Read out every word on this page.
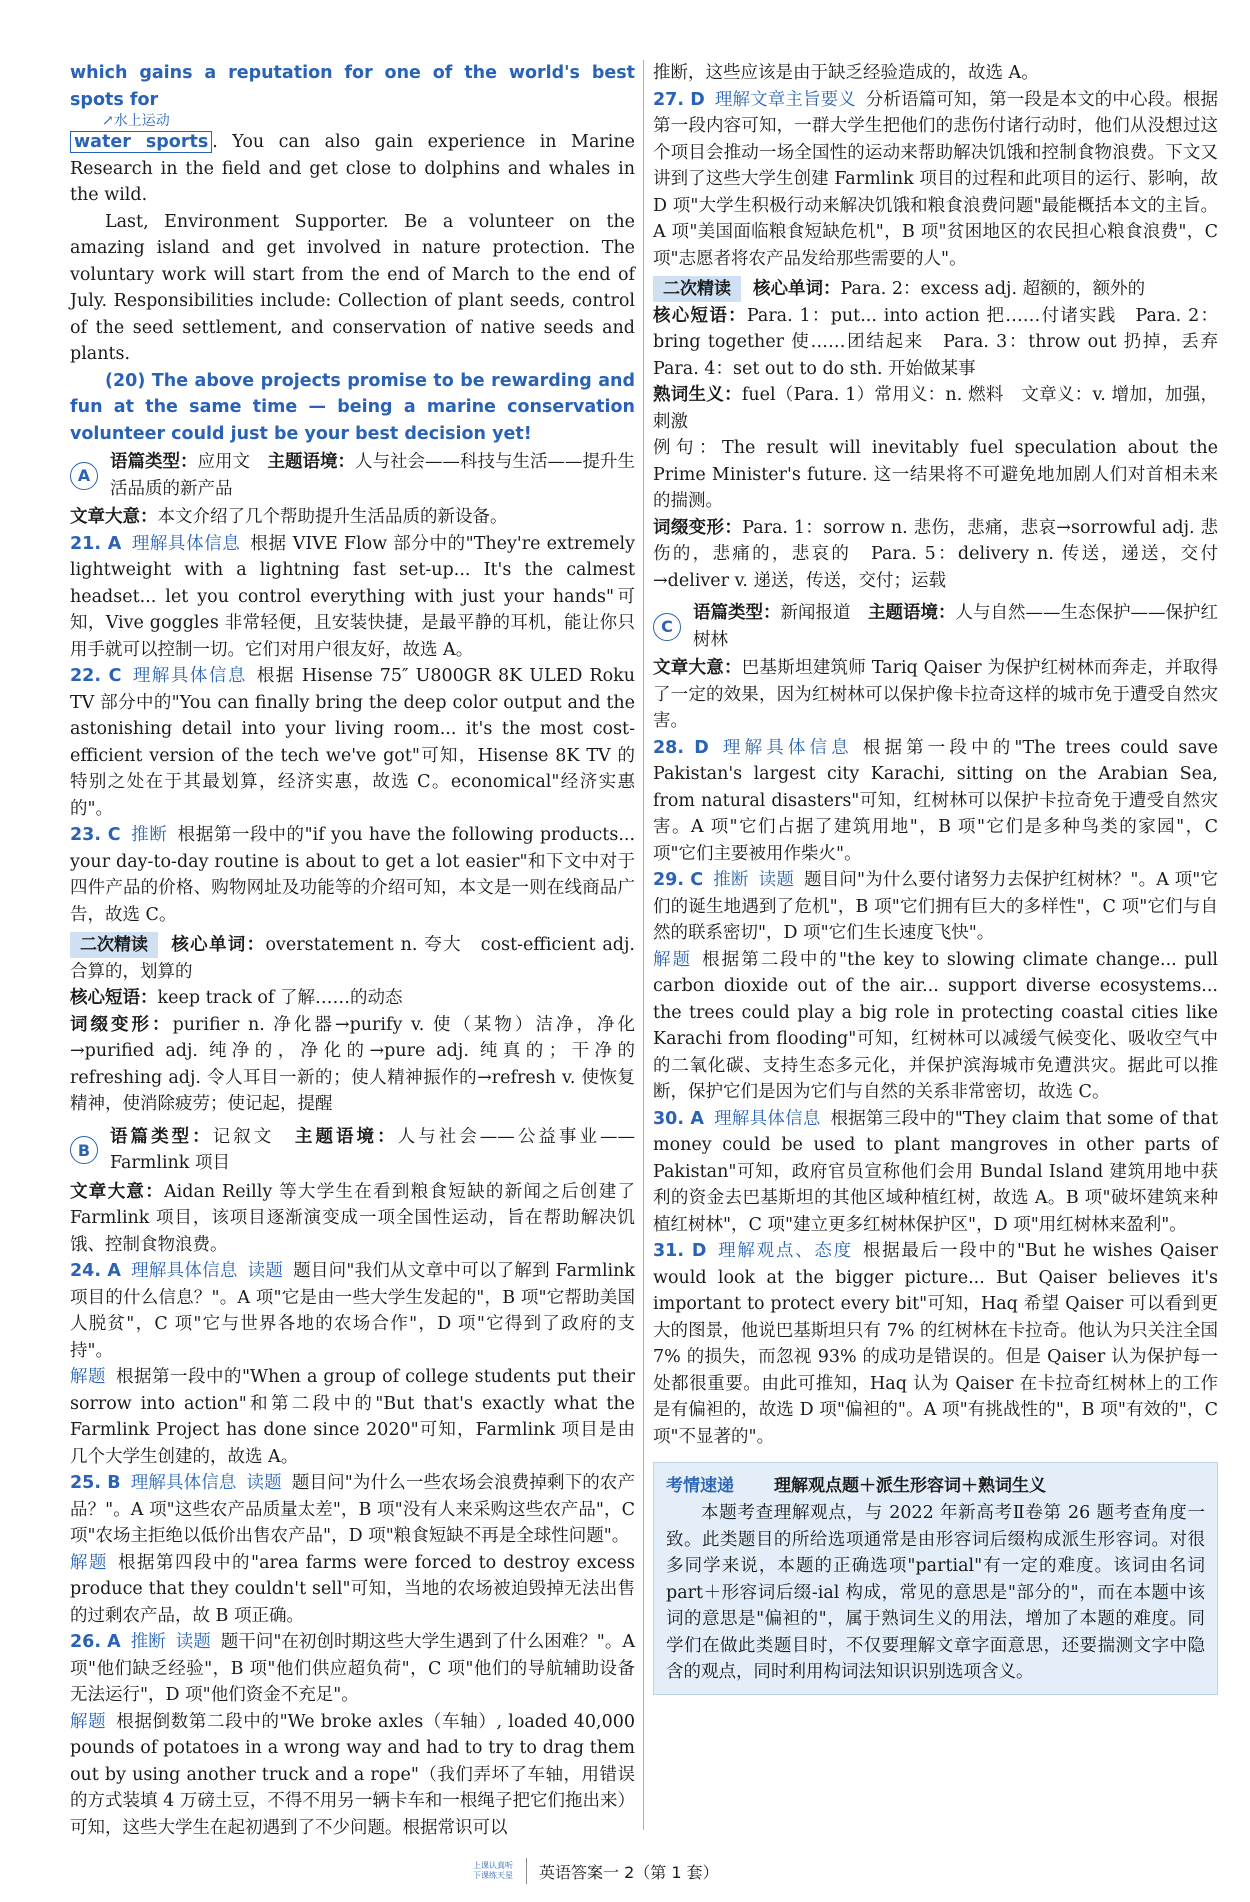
which gains a reputation for one of the world's best spots for
↗水上运动
water sports . You can also gain experience in Marine Research in the field and get close to dolphins and whales in the wild.

Last, Environment Supporter. Be a volunteer on the amazing island and get involved in nature protection. The voluntary work will start from the end of March to the end of July. Responsibilities include: Collection of plant seeds, control of the seed settlement, and conservation of native seeds and plants.

(20) The above projects promise to be rewarding and fun at the same time — being a marine conservation volunteer could just be your best decision yet!

A

语篇类型：应用文　 主题语境：人与社会——科技与生活——提升生活品质的新产品

文章大意：本文介绍了几个帮助提升生活品质的新设备。

21. A 理解具体信息 根据 VIVE Flow 部分中的"They're extremely lightweight with a lightning fast set-up... It's the calmest headset... let you control everything with just your hands"可知，Vive goggles 非常轻便，且安装快捷，是最平静的耳机，能让你只用手就可以控制一切。它们对用户很友好，故选 A。

22. C 理解具体信息 根据 Hisense 75″ U800GR 8K ULED Roku TV 部分中的"You can finally bring the deep color output and the astonishing detail into your living room... it's the most cost-efficient version of the tech we've got"可知，Hisense 8K TV 的特别之处在于其最划算，经济实惠，故选 C。economical"经济实惠的"。

23. C 推断 根据第一段中的"if you have the following products... your day-to-day routine is about to get a lot easier"和下文中对于四件产品的价格、购物网址及功能等的介绍可知，本文是一则在线商品广告，故选 C。

二次精读 核心单词：overstatement n. 夸大　cost-efficient adj. 合算的，划算的

核心短语：keep track of 了解……的动态

词缀变形：purifier n. 净化器→purify v. 使（某物）洁净，净化→purified adj. 纯净的，净化的→pure adj. 纯真的；干净的　refreshing adj. 令人耳目一新的；使人精神振作的→refresh v. 使恢复精神，使消除疲劳；使记起，提醒

B

语篇类型：记叙文　 主题语境：人与社会——公益事业——Farmlink 项目

文章大意：Aidan Reilly 等大学生在看到粮食短缺的新闻之后创建了 Farmlink 项目，该项目逐渐演变成一项全国性运动，旨在帮助解决饥饿、控制食物浪费。

24. A 理解具体信息 读题 题目问"我们从文章中可以了解到 Farmlink 项目的什么信息？"。A 项"它是由一些大学生发起的"，B 项"它帮助美国人脱贫"，C 项"它与世界各地的农场合作"，D 项"它得到了政府的支持"。

解题 根据第一段中的"When a group of college students put their sorrow into action"和第二段中的"But that's exactly what the Farmlink Project has done since 2020"可知，Farmlink 项目是由几个大学生创建的，故选 A。

25. B 理解具体信息 读题 题目问"为什么一些农场会浪费掉剩下的农产品？"。A 项"这些农产品质量太差"，B 项"没有人来采购这些农产品"，C 项"农场主拒绝以低价出售农产品"，D 项"粮食短缺不再是全球性问题"。

解题 根据第四段中的"area farms were forced to destroy excess produce that they couldn't sell"可知，当地的农场被迫毁掉无法出售的过剩农产品，故 B 项正确。

26. A 推断 读题 题干问"在初创时期这些大学生遇到了什么困难？"。A 项"他们缺乏经验"，B 项"他们供应超负荷"，C 项"他们的导航辅助设备无法运行"，D 项"他们资金不充足"。

解题 根据倒数第二段中的"We broke axles（车轴）, loaded 40,000 pounds of potatoes in a wrong way and had to try to drag them out by using another truck and a rope"（我们弄坏了车轴，用错误的方式装填 4 万磅土豆，不得不用另一辆卡车和一根绳子把它们拖出来）可知，这些大学生在起初遇到了不少问题。根据常识可以

推断，这些应该是由于缺乏经验造成的，故选 A。

27. D 理解文章主旨要义 分析语篇可知，第一段是本文的中心段。根据第一段内容可知，一群大学生把他们的悲伤付诸行动时，他们从没想过这个项目会推动一场全国性的运动来帮助解决饥饿和控制食物浪费。下文又讲到了这些大学生创建 Farmlink 项目的过程和此项目的运行、影响，故 D 项"大学生积极行动来解决饥饿和粮食浪费问题"最能概括本文的主旨。A 项"美国面临粮食短缺危机"，B 项"贫困地区的农民担心粮食浪费"，C 项"志愿者将农产品发给那些需要的人"。

二次精读 核心单词：Para. 2：excess adj. 超额的，额外的

核心短语：Para. 1：put... into action 把……付诸实践　Para. 2：bring together 使……团结起来　Para. 3：throw out 扔掉，丢弃　Para. 4：set out to do sth. 开始做某事

熟词生义：fuel（Para. 1）常用义：n. 燃料　文章义：v. 增加，加强，刺激

例句：The result will inevitably fuel speculation about the Prime Minister's future. 这一结果将不可避免地加剧人们对首相未来的揣测。

词缀变形：Para. 1：sorrow n. 悲伤，悲痛，悲哀→sorrowful adj. 悲伤的，悲痛的，悲哀的　Para. 5：delivery n. 传送，递送，交付→deliver v. 递送，传送，交付；运载

C

语篇类型：新闻报道　 主题语境：人与自然——生态保护——保护红树林

文章大意：巴基斯坦建筑师 Tariq Qaiser 为保护红树林而奔走，并取得了一定的效果，因为红树林可以保护像卡拉奇这样的城市免于遭受自然灾害。

28. D 理解具体信息 根据第一段中的"The trees could save Pakistan's largest city Karachi, sitting on the Arabian Sea, from natural disasters"可知，红树林可以保护卡拉奇免于遭受自然灾害。A 项"它们占据了建筑用地"，B 项"它们是多种鸟类的家园"，C 项"它们主要被用作柴火"。

29. C 推断 读题 题目问"为什么要付诸努力去保护红树林？"。A 项"它们的诞生地遇到了危机"，B 项"它们拥有巨大的多样性"，C 项"它们与自然的联系密切"，D 项"它们生长速度飞快"。

解题 根据第二段中的"the key to slowing climate change... pull carbon dioxide out of the air... support diverse ecosystems... the trees could play a big role in protecting coastal cities like Karachi from flooding"可知，红树林可以减缓气候变化、吸收空气中的二氧化碳、支持生态多元化，并保护滨海城市免遭洪灾。据此可以推断，保护它们是因为它们与自然的关系非常密切，故选 C。

30. A 理解具体信息 根据第三段中的"They claim that some of that money could be used to plant mangroves in other parts of Pakistan"可知，政府官员宣称他们会用 Bundal Island 建筑用地中获利的资金去巴基斯坦的其他区域种植红树，故选 A。B 项"破坏建筑来种植红树林"，C 项"建立更多红树林保护区"，D 项"用红树林来盈利"。

31. D 理解观点、态度 根据最后一段中的"But he wishes Qaiser would look at the bigger picture... But Qaiser believes it's important to protect every bit"可知，Haq 希望 Qaiser 可以看到更大的图景，他说巴基斯坦只有 7% 的红树林在卡拉奇。他认为只关注全国 7% 的损失，而忽视 93% 的成功是错误的。但是 Qaiser 认为保护每一处都很重要。由此可推知，Haq 认为 Qaiser 在卡拉奇红树林上的工作是有偏袒的，故选 D 项"偏袒的"。A 项"有挑战性的"，B 项"有效的"，C 项"不显著的"。

考情速递 理解观点题＋派生形容词＋熟词生义

本题考查理解观点，与 2022 年新高考Ⅱ卷第 26 题考查角度一致。此类题目的所给选项通常是由形容词后缀构成派生形容词。对很多同学来说，本题的正确选项"partial"有一定的难度。该词由名词 part＋形容词后缀-ial 构成，常见的意思是"部分的"，而在本题中该词的意思是"偏袒的"，属于熟词生义的用法，增加了本题的难度。同学们在做此类题目时，不仅要理解文章字面意思，还要揣测文字中隐含的观点，同时利用构词法知识识别选项含义。

上课认真听
下课练天星 英语答案一 2（第 1 套）
